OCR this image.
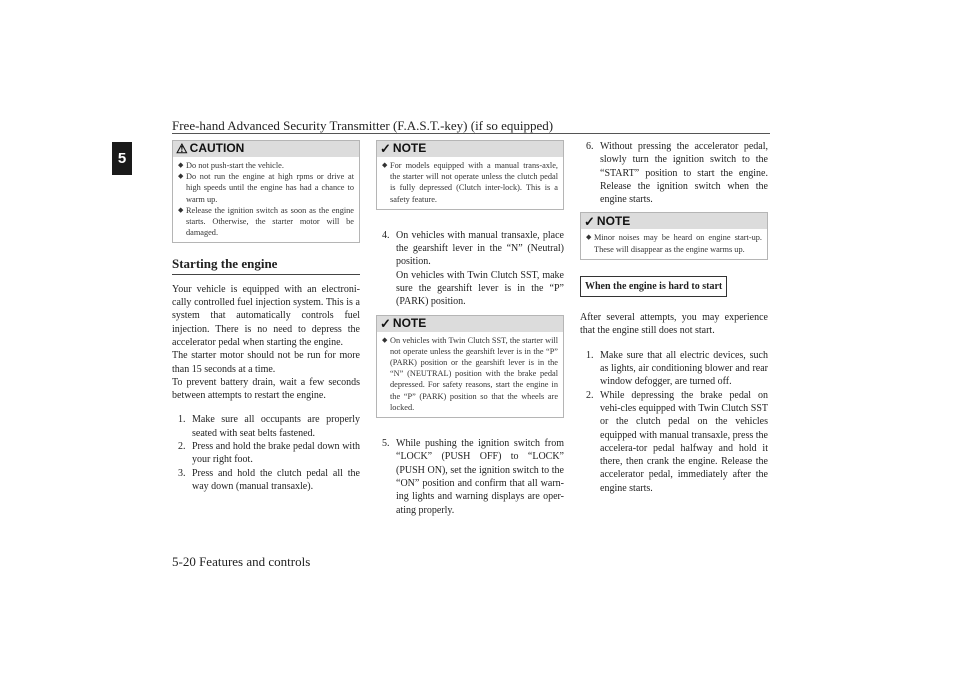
Free-hand Advanced Security Transmitter (F.A.S.T.-key) (if so equipped)
5
5-20 Features and controls
⚠ CAUTION
◆ Do not push-start the vehicle.
◆ Do not run the engine at high rpms or drive at high speeds until the engine has had a chance to warm up.
◆ Release the ignition switch as soon as the engine starts. Otherwise, the starter motor will be damaged.
Starting the engine

Your vehicle is equipped with an electroni-cally controlled fuel injection system. This is a system that automatically controls fuel injection. There is no need to depress the accelerator pedal when starting the engine.

The starter motor should not be run for more than 15 seconds at a time.

To prevent battery drain, wait a few seconds between attempts to restart the engine.

1. Make sure all occupants are properly seated with seat belts fastened.
2. Press and hold the brake pedal down with your right foot.
3. Press and hold the clutch pedal all the way down (manual transaxle).
✓ NOTE
◆ For models equipped with a manual trans-axle, the starter will not operate unless the clutch pedal is fully depressed (Clutch inter-lock). This is a safety feature.
4. On vehicles with manual transaxle, place the gearshift lever in the “N” (Neutral) position.
On vehicles with Twin Clutch SST, make sure the gearshift lever is in the “P” (PARK) position.
✓ NOTE
◆ On vehicles with Twin Clutch SST, the starter will not operate unless the gearshift lever is in the “P” (PARK) position or the gearshift lever is in the “N” (NEUTRAL) position with the brake pedal depressed. For safety reasons, start the engine in the “P” (PARK) position so that the wheels are locked.
5. While pushing the ignition switch from “LOCK” (PUSH OFF) to “LOCK” (PUSH ON), set the ignition switch to the “ON” position and confirm that all warn-ing lights and warning displays are oper-ating properly.
6. Without pressing the accelerator pedal, slowly turn the ignition switch to the “START” position to start the engine. Release the ignition switch when the engine starts.
✓ NOTE
◆ Minor noises may be heard on engine start-up. These will disappear as the engine warms up.
When the engine is hard to start

After several attempts, you may experience that the engine still does not start.

1. Make sure that all electric devices, such as lights, air conditioning blower and rear window defogger, are turned off.
2. While depressing the brake pedal on vehi-cles equipped with Twin Clutch SST or the clutch pedal on the vehicles equipped with manual transaxle, press the accelera-tor pedal halfway and hold it there, then crank the engine. Release the accelerator pedal, immediately after the engine starts.
